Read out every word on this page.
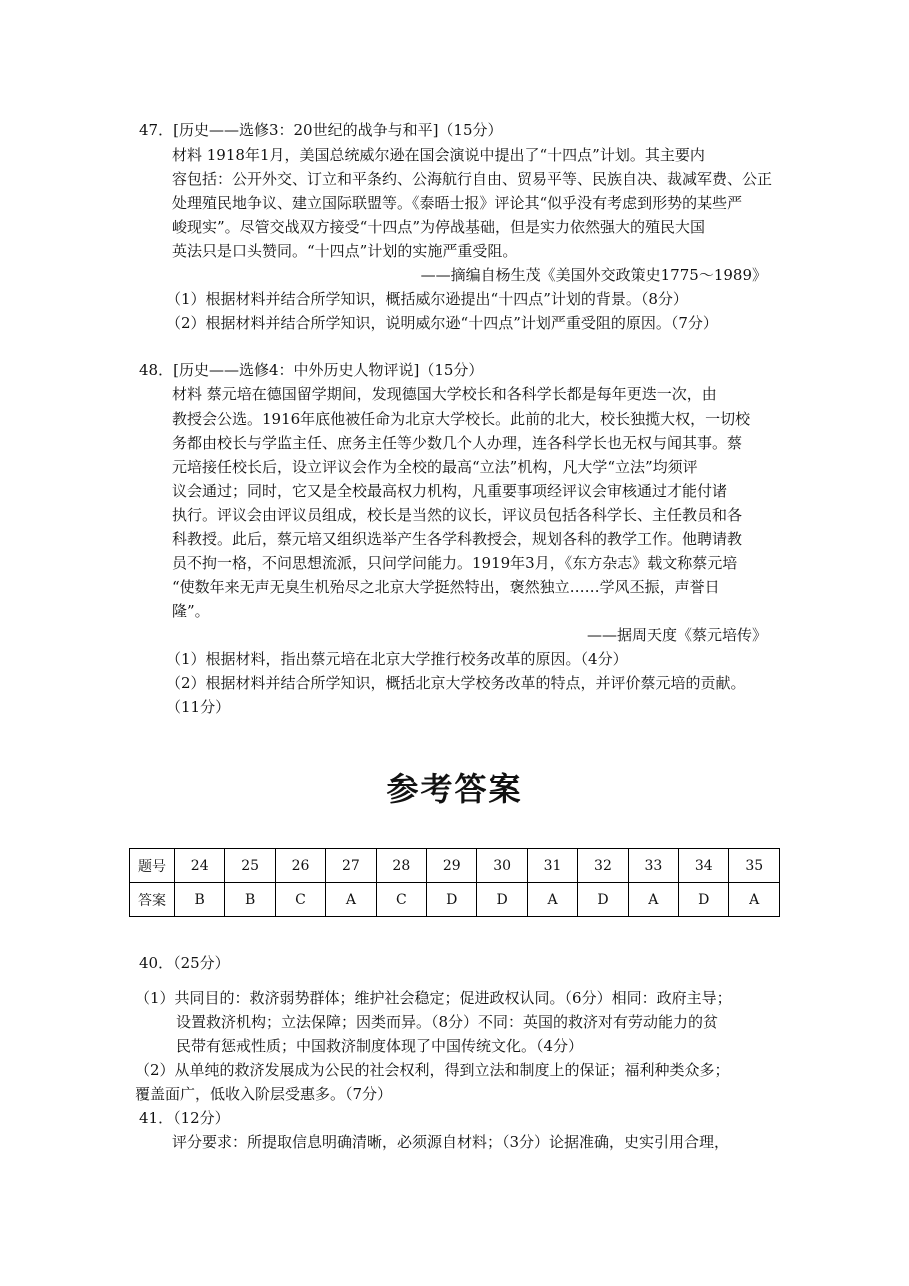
47．[历史——选修3：20世纪的战争与和平]（15分）
材料 1918年1月，美国总统威尔逊在国会演说中提出了“十四点”计划。其主要内
容包括：公开外交、订立和平条约、公海航行自由、贸易平等、民族自决、裁减军费、公正
处理殖民地争议、建立国际联盟等。《泰晤士报》评论其“似乎没有考虑到形势的某些严
峻现实”。尽管交战双方接受“十四点”为停战基础，但是实力依然强大的殖民大国
英法只是口头赞同。“十四点”计划的实施严重受阻。
——摘编自杨生茂《美国外交政策史1775～1989》
（1）根据材料并结合所学知识，概括威尔逊提出“十四点”计划的背景。（8分）
（2）根据材料并结合所学知识，说明威尔逊“十四点”计划严重受阻的原因。（7分）
48．[历史——选修4：中外历史人物评说]（15分）
材料 蔡元培在德国留学期间，发现德国大学校长和各科学长都是每年更迭一次，由
教授会公选。1916年底他被任命为北京大学校长。此前的北大，校长独揽大权，一切校
务都由校长与学监主任、庶务主任等少数几个人办理，连各科学长也无权与闻其事。蔡
元培接任校长后，设立评议会作为全校的最高“立法”机构，凡大学“立法”均须评
议会通过；同时，它又是全校最高权力机构，凡重要事项经评议会审核通过才能付诸
执行。评议会由评议员组成，校长是当然的议长，评议员包括各科学长、主任教员和各
科教授。此后，蔡元培又组织选举产生各学科教授会，规划各科的教学工作。他聘请教
员不拘一格，不问思想流派，只问学问能力。1919年3月，《东方杂志》载文称蔡元培
“使数年来无声无臭生机殆尽之北京大学挺然特出，褒然独立……学风丕振，声誉日
隆”。
——据周天度《蔡元培传》
（1）根据材料，指出蔡元培在北京大学推行校务改革的原因。（4分）
（2）根据材料并结合所学知识，概括北京大学校务改革的特点，并评价蔡元培的贡献。
（11分）
参考答案
题号	24	25	26	27	28	29	30	31	32	33	34	35
答案	B	B	C	A	C	D	D	A	D	A	D	A
40．（25分）
（1）共同目的：救济弱势群体；维护社会稳定；促进政权认同。（6分）相同：政府主导；
设置救济机构；立法保障；因类而异。（8分）不同：英国的救济对有劳动能力的贫
民带有惩戒性质；中国救济制度体现了中国传统文化。（4分）
（2）从单纯的救济发展成为公民的社会权利，得到立法和制度上的保证；福利种类众多；
覆盖面广，低收入阶层受惠多。（7分）
41．（12分）
评分要求：所提取信息明确清晰，必须源自材料；（3分）论据准确，史实引用合理，
